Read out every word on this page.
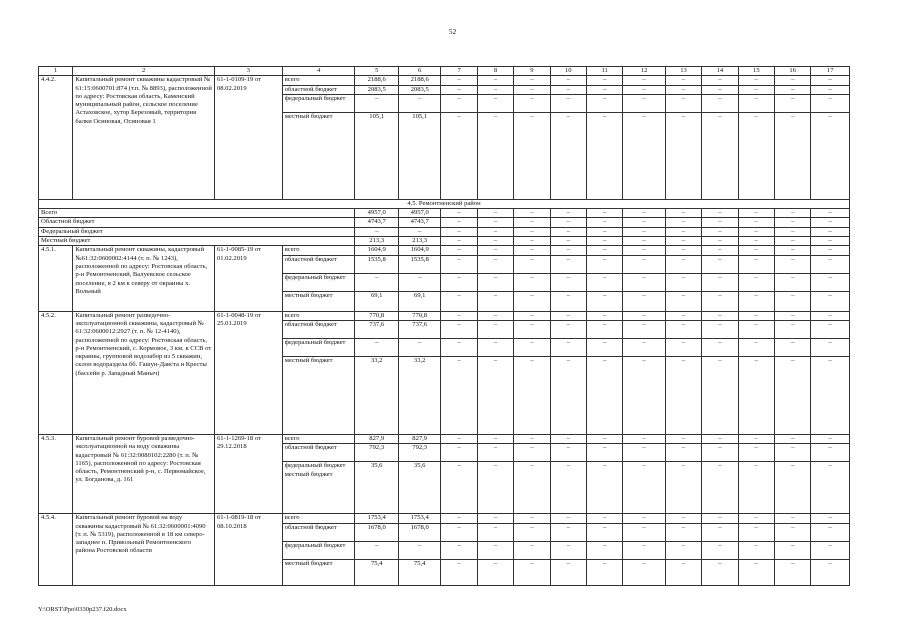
52
1	2	3	4	5	6	7	8	9	10	11	12	13	14	15	16	17
4.4.2.	Капитальный ремонт скважины кадастровый № 61:15:0600701:874 (т.п. № 8893), расположенной по адресу: Ростовская область, Каменский муниципальный район, сельское поселение Астаховское, хутор Березовый, территория балки Осиновая, Осиновая 1	61-1-0109-19 от 08.02.2019	всего	2188,6	2188,6	–	–	–	–	–	–	–	–	–	–	–
			областной бюджет	2083,5	2083,5	–	–	–	–	–	–	–	–	–	–	–
			федеральный бюджет	–	–	–	–	–	–	–	–	–	–	–	–	–
			местный бюджет	105,1	105,1	–	–	–	–	–	–	–	–	–	–	–
4.5. Ремонтненский район																
Всего				4957,0	4957,0	–	–	–	–	–	–	–	–	–	–	–
Областной бюджет				4743,7	4743,7	–	–	–	–	–	–	–	–	–	–	–
Федеральный бюджет				–	–	–	–	–	–	–	–	–	–	–	–	–
Местный бюджет				213,3	213,3	–	–	–	–	–	–	–	–	–	–	–
4.5.1.	Капитальный ремонт скважины, кадастровый №61:32:0600002:4144 (т. п. № 1243), расположенной по адресу: Ростовская область, р-н Ремонтненский, Валуевское сельское поселение, в 2 км к северу от окраины х. Вольный	61-1-0085-19 от 01.02.2019	всего	1604,9	1604,9	–	–	–	–	–	–	–	–	–	–	–
			областной бюджет	1535,8	1535,8	–	–	–	–	–	–	–	–	–	–	–
			федеральный бюджет	–	–	–	–	–	–	–	–	–	–	–	–	–
			местный бюджет	69,1	69,1	–	–	–	–	–	–	–	–	–	–	–
4.5.2.	Капитальный ремонт разведочно-эксплуатационной скважины, кадастровый № 61:32:0600012:2927 (т. п. № 12-4140), расположенной по адресу: Ростовская область, р-н Ремонтненский, с. Кормовое, 3 км. к ССВ от окраины, групповой водозабор из 5 скважин, склон водораздела бб. Гашун-Давста и Кресты (бассейн р. Западный Маныч)	61-1-0048-19 от 25.01.2019	всего	770,8	770,8	–	–	–	–	–	–	–	–	–	–	–
			областной бюджет	737,6	737,6	–	–	–	–	–	–	–	–	–	–	–
			федеральный бюджет	–	–	–	–	–	–	–	–	–	–	–	–	–
			местный бюджет	33,2	33,2	–	–	–	–	–	–	–	–	–	–	–
4.5.3.	Капитальный ремонт буровой разведочно-эксплуатационной на воду скважины кадастровый № 61:32:0080102:2280 (т. п. № 1165), расположенной по адресу: Ростовская область, Ремонтненский р-н, с. Первомайское, ул. Богданова, д. 161	61-1-1269-18 от 29.12.2018	всего	827,9	827,9	–	–	–	–	–	–	–	–	–	–	–
			областной бюджет	792,3	792,3	–	–	–	–	–	–	–	–	–	–	–
			федеральный бюджет местный бюджет	35,6	35,6	–	–	–	–	–	–	–	–	–	–	–
4.5.4.	Капитальный ремонт буровой на воду скважины кадастровый № 61:32:0600001:4090 (т. п. № 5319), расположенной в 18 км северо-западнее п. Привольный Ремонтненского района Ростовской области	61-1-0819-18 от 08.10.2018	всего	1753,4	1753,4	–	–	–	–	–	–	–	–	–	–	–
			областной бюджет	1678,0	1678,0	–	–	–	–	–	–	–	–	–	–	–
			федеральный бюджет	–	–	–	–	–	–	–	–	–	–	–	–	–
			местный бюджет	75,4	75,4	–	–	–	–	–	–	–	–	–	–	–
Y:\ORST\Ppo\0330p237.f20.docx
